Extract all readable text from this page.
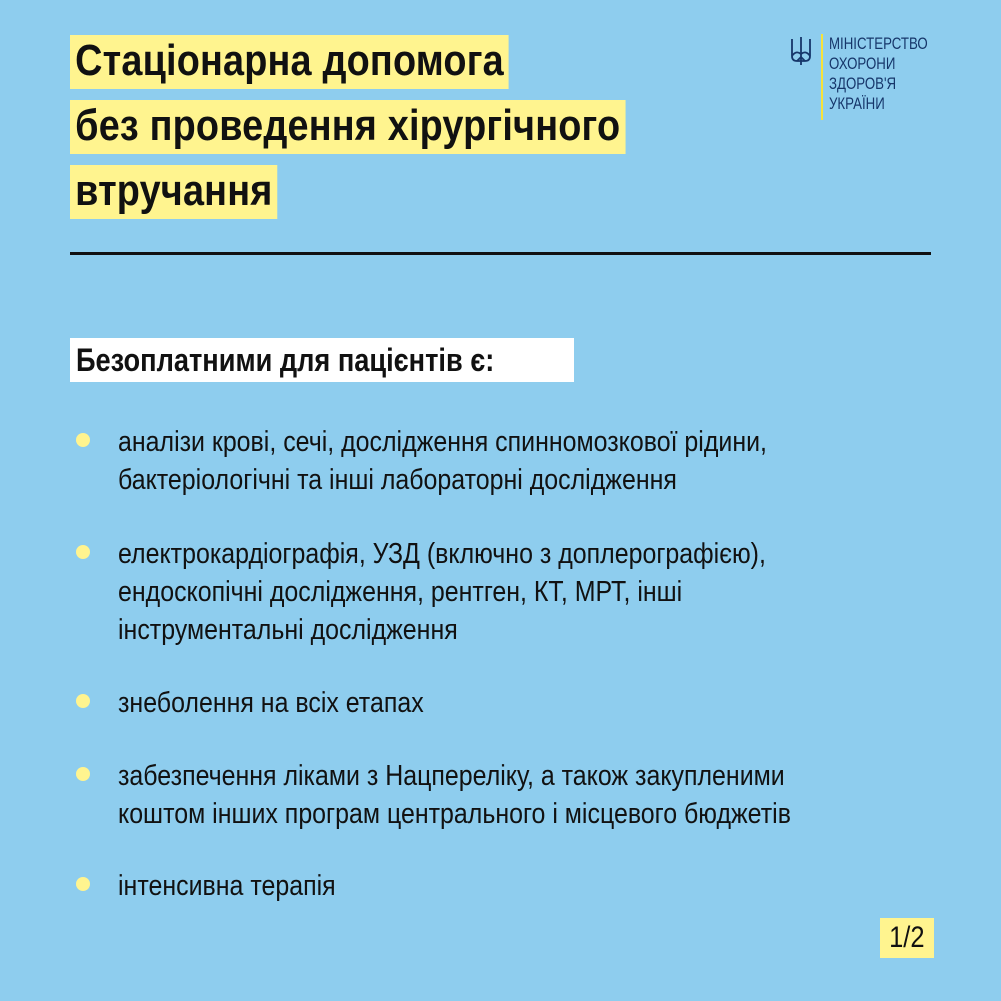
Стаціонарна допомога
без проведення хірургічного
втручання
МІНІСТЕРСТВО
ОХОРОНИ
ЗДОРОВ'Я
УКРАЇНИ
Безоплатними для пацієнтів є:
аналізи крові, сечі, дослідження спинномозкової рідини,
бактеріологічні та інші лабораторні дослідження
електрокардіографія, УЗД (включно з доплерографією),
ендоскопічні дослідження, рентген, КТ, МРТ, інші
інструментальні дослідження
знеболення на всіх етапах
забезпечення ліками з Нацпереліку, а також закупленими
коштом інших програм центрального і місцевого бюджетів
інтенсивна терапія
1/2
